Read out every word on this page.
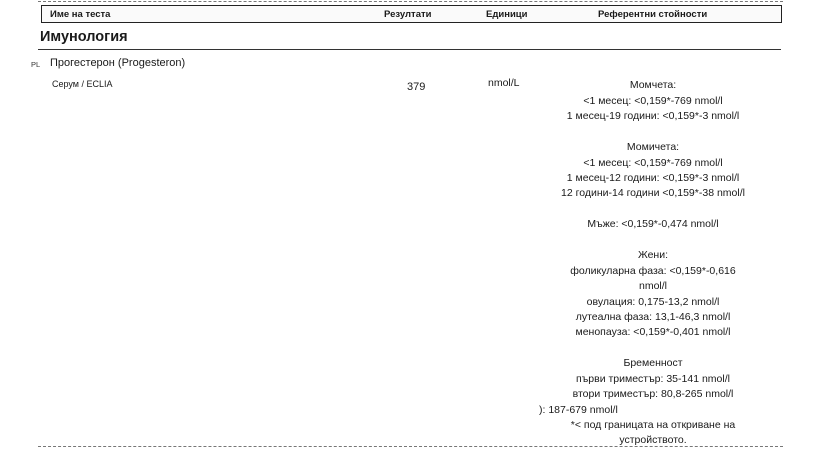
Име на теста	Резултати	Единици	Референтни стойности
Имунология
PL Прогестерон (Progesteron)
Серум / ECLIA	379	nmol/L	Момчета:
<1 месец: <0,159*-769 nmol/l
1 месец-19 години: <0,159*-3 nmol/l
Момичета:
<1 месец: <0,159*-769 nmol/l
1 месец-12 години: <0,159*-3 nmol/l
12 години-14 години <0,159*-38 nmol/l
Мъже: <0,159*-0,474 nmol/l
Жени:
фоликуларна фаза: <0,159*-0,616
nmol/l
овулация: 0,175-13,2 nmol/l
лутеална фаза: 13,1-46,3 nmol/l
менопауза: <0,159*-0,401 nmol/l
Бременност
първи триместър: 35-141 nmol/l
втори триместър: 80,8-265 nmol/l
): 187-679 nmol/l
*< под границата на откриване на
устройството.
